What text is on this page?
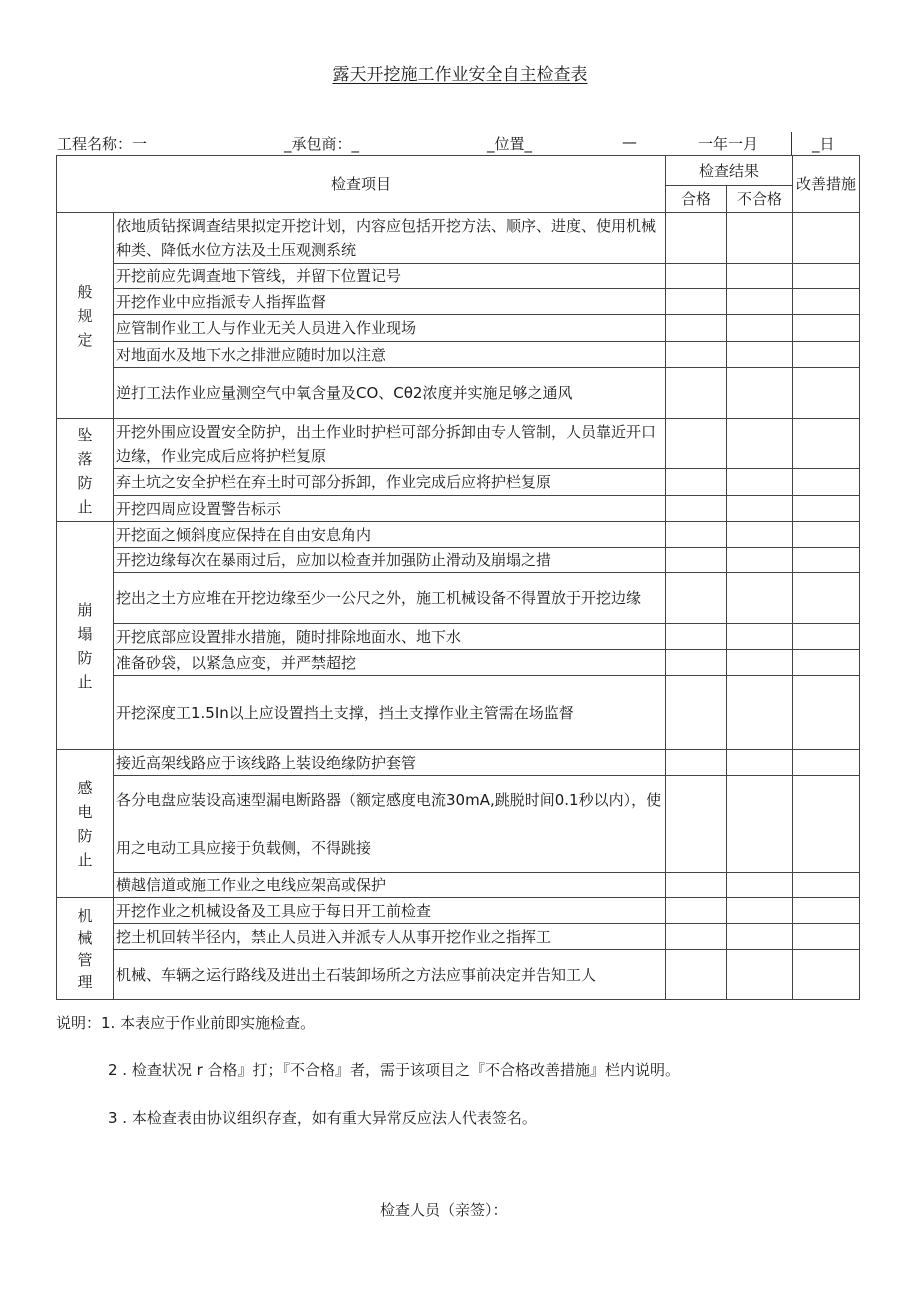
露天开挖施工作业安全自主检查表
工程名称：一	_承包商：_	_位置_	—	一年一月	_日
检查项目		检查结果		改善措施
		合格	不合格	
般规定	依地质钻探调查结果拟定开挖计划，内容应包括开挖方法、顺序、进度、使用机械种类、降低水位方法及土压观测系统			
	开挖前应先调查地下管线，并留下位置记号			
	开挖作业中应指派专人指挥监督			
	应管制作业工人与作业无关人员进入作业现场			
	对地面水及地下水之排泄应随时加以注意			
	逆打工法作业应量测空气中氧含量及CO、Cθ2浓度并实施足够之通风			
坠落防止	开挖外围应设置安全防护，出土作业时护栏可部分拆卸由专人管制，人员靠近开口边缘，作业完成后应将护栏复原			
	弃土坑之安全护栏在弃土时可部分拆卸，作业完成后应将护栏复原			
	开挖四周应设置警告标示			
崩塌防止	开挖面之倾斜度应保持在自由安息角内			
	开挖边缘每次在暴雨过后，应加以检查并加强防止滑动及崩塌之措			
	挖出之土方应堆在开挖边缘至少一公尺之外，施工机械设备不得置放于开挖边缘			
	开挖底部应设置排水措施，随时排除地面水、地下水			
	准备砂袋，以紧急应变，并严禁超挖			
	开挖深度工1.5In以上应设置挡土支撑，挡土支撑作业主管需在场监督			
感电防止	接近高架线路应于该线路上装设绝缘防护套管			
	各分电盘应装设高速型漏电断路器（额定感度电流30mA,跳脱时间0.1秒以内），使用之电动工具应接于负载侧，不得跳接			
	横越信道或施工作业之电线应架高或保护			
机械管理	开挖作业之机械设备及工具应于每日开工前检查			
	挖土机回转半径内，禁止人员进入并派专人从事开挖作业之指挥工			
	机械、车辆之运行路线及进出土石装卸场所之方法应事前决定并告知工人			
说明：1. 本表应于作业前即实施检查。
2 . 检查状况 r 合格』打；『不合格』者，需于该项目之『不合格改善措施』栏内说明。
3 . 本检查表由协议组织存查，如有重大异常反应法人代表签名。
检查人员（亲签）：
